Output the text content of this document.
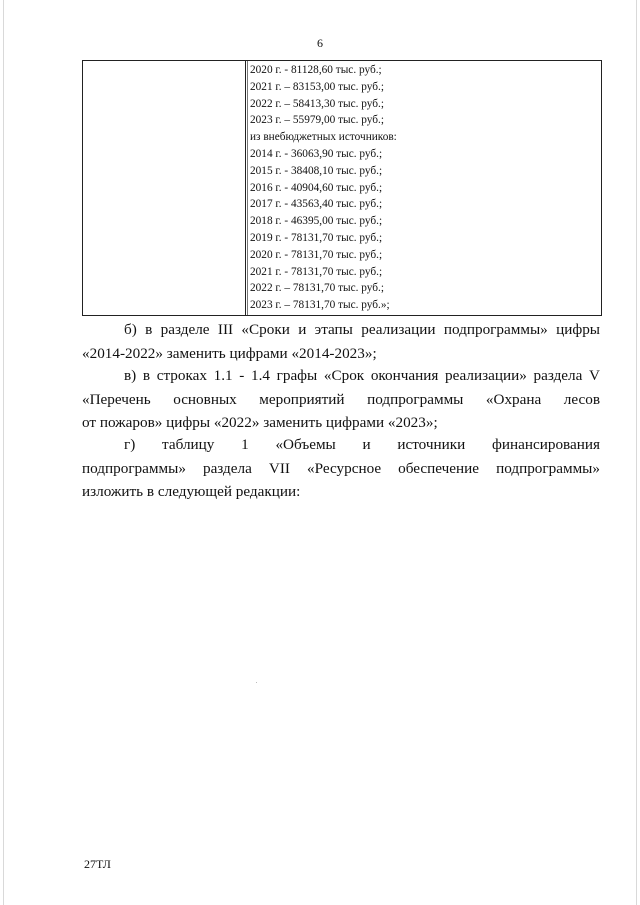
6
2020 г. - 81128,60 тыс. руб.;
2021 г. – 83153,00 тыс. руб.;
2022 г. – 58413,30 тыс. руб.;
2023 г. – 55979,00 тыс. руб.;
из внебюджетных источников:
2014 г. - 36063,90 тыс. руб.;
2015 г. - 38408,10 тыс. руб.;
2016 г. - 40904,60 тыс. руб.;
2017 г. - 43563,40 тыс. руб.;
2018 г. - 46395,00 тыс. руб.;
2019 г. - 78131,70 тыс. руб.;
2020 г. - 78131,70 тыс. руб.;
2021 г. - 78131,70 тыс. руб.;
2022 г. – 78131,70 тыс. руб.;
2023 г. – 78131,70 тыс. руб.»;
б) в разделе III «Сроки и этапы реализации подпрограммы» цифры
«2014-2022» заменить цифрами «2014-2023»;
в) в строках 1.1 - 1.4 графы «Срок окончания реализации» раздела V
«Перечень основных мероприятий подпрограммы «Охрана лесов
от пожаров» цифры «2022» заменить цифрами «2023»;
г) таблицу 1 «Объемы и источники финансирования
подпрограммы» раздела VII «Ресурсное обеспечение подпрограммы»
изложить в следующей редакции:
27ТЛ
